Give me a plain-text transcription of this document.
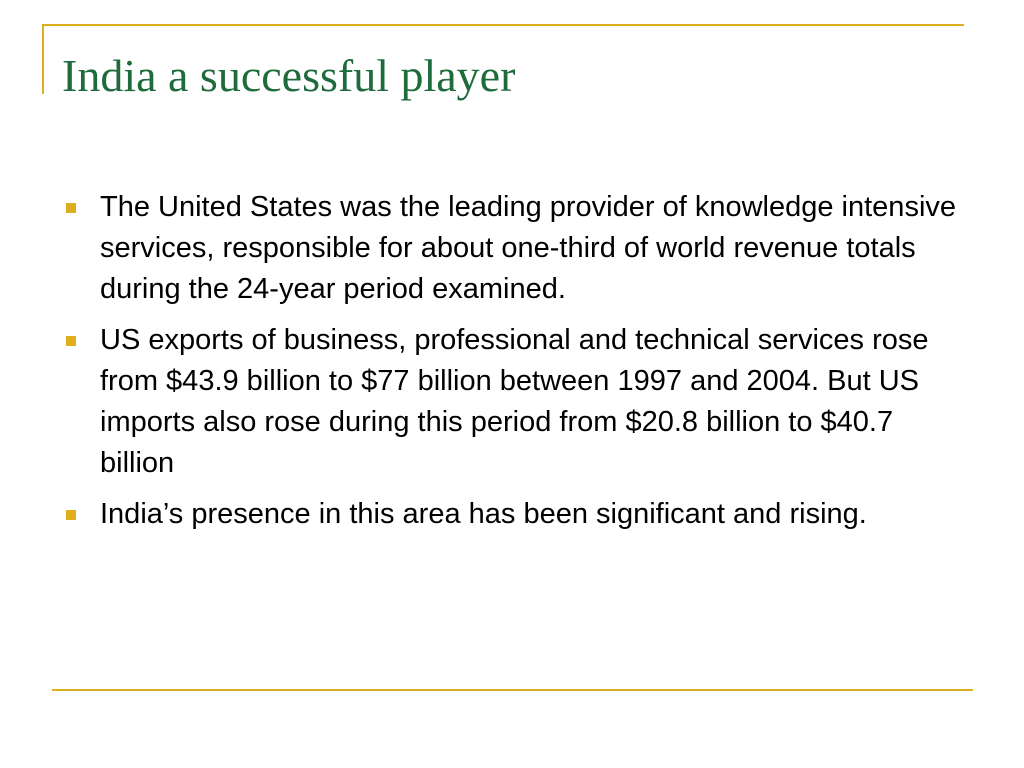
India a successful player
The United States was the leading provider of knowledge intensive services, responsible for about one-third of world revenue totals during the 24-year period examined.
US exports of business, professional and technical services rose from $43.9 billion to $77 billion between 1997 and 2004. But US imports also rose during this period from $20.8 billion to $40.7 billion
India’s presence in this area has been significant and rising.
